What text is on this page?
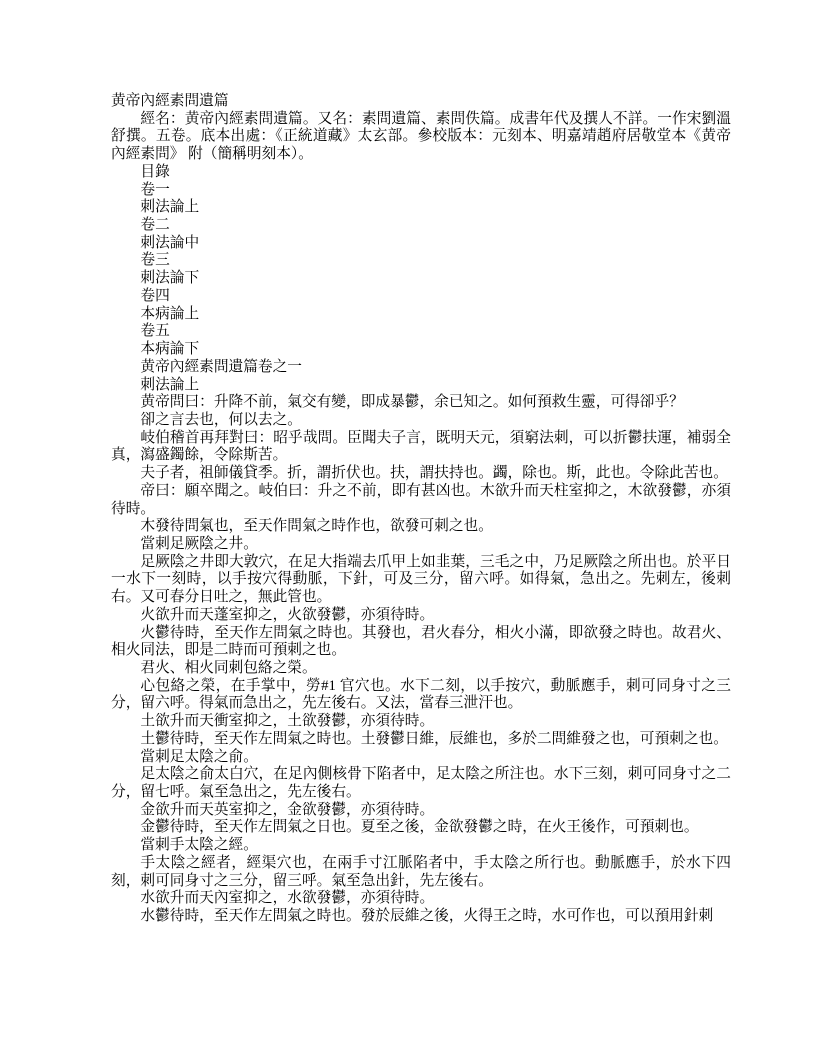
黄帝內經素問遺篇

經名：黄帝內經素問遺篇。又名：素問遺篇、素問佚篇。成書年代及撰人不詳。一作宋劉溫舒撰。五卷。底本出處：《正統道藏》太玄部。參校版本：元刻本、明嘉靖趙府居敬堂本《黄帝內經素問》 附（簡稱明刻本）。

目錄

卷一

刺法論上

卷二

刺法論中

卷三

刺法論下

卷四

本病論上

卷五

本病論下

黄帝內經素問遺篇卷之一

刺法論上

黄帝問曰：升降不前，氣交有變，即成暴鬱，余已知之。如何預救生靈，可得卻乎？

卻之言去也，何以去之。

岐伯稽首再拜對曰：昭乎哉問。臣聞夫子言，既明天元，須窮法刺，可以折鬱扶運，補弱全真，瀉盛鐲餘，令除斯苦。

夫子者，祖師儀貸季。折，謂折伏也。扶，謂扶持也。蠲，除也。斯，此也。令除此苦也。

帝曰：願卒聞之。岐伯曰：升之不前，即有甚凶也。木欲升而天柱室抑之，木欲發鬱，亦須待時。

木發待問氣也，至天作問氣之時作也，欲發可刺之也。

當刺足厥陰之井。

足厥陰之井即大敦穴，在足大指端去爪甲上如韭葉，三毛之中，乃足厥陰之所出也。於平日一水下一刻時，以手按穴得動脈，下針，可及三分，留六呼。如得氣，急出之。先刺左，後刺右。又可春分日吐之，無此管也。

火欲升而天蓬室抑之，火欲發鬱，亦須待時。

火鬱待時，至天作左問氣之時也。其發也，君火春分，相火小滿，即欲發之時也。故君火、相火同法，即是二時而可預刺之也。

君火、相火同刺包絡之榮。

心包絡之榮，在手掌中，勞#1 官穴也。水下二刻，以手按穴，動脈應手，刺可同身寸之三分，留六呼。得氣而急出之，先左後右。又法，當春三泄汗也。

土欲升而天衝室抑之，土欲發鬱，亦須待時。

土鬱待時，至天作左問氣之時也。土發鬱日維，辰維也，多於二問維發之也，可預刺之也。

當刺足太陰之俞。

足太陰之俞太白穴，在足內側核骨下陷者中，足太陰之所注也。水下三刻，刺可同身寸之二分，留七呼。氣至急出之，先左後右。

金欲升而天英室抑之，金欲發鬱，亦須待時。

金鬱待時，至天作左問氣之日也。夏至之後，金欲發鬱之時，在火王後作，可預刺也。

當刺手太陰之經。

手太陰之經者，經渠穴也，在兩手寸江脈陷者中，手太陰之所行也。動脈應手，於水下四刻，刺可同身寸之三分，留三呼。氣至急出針，先左後右。

水欲升而天內室抑之，水欲發鬱，亦須待時。

水鬱待時，至天作左問氣之時也。發於辰維之後，火得王之時，水可作也，可以預用針刺
